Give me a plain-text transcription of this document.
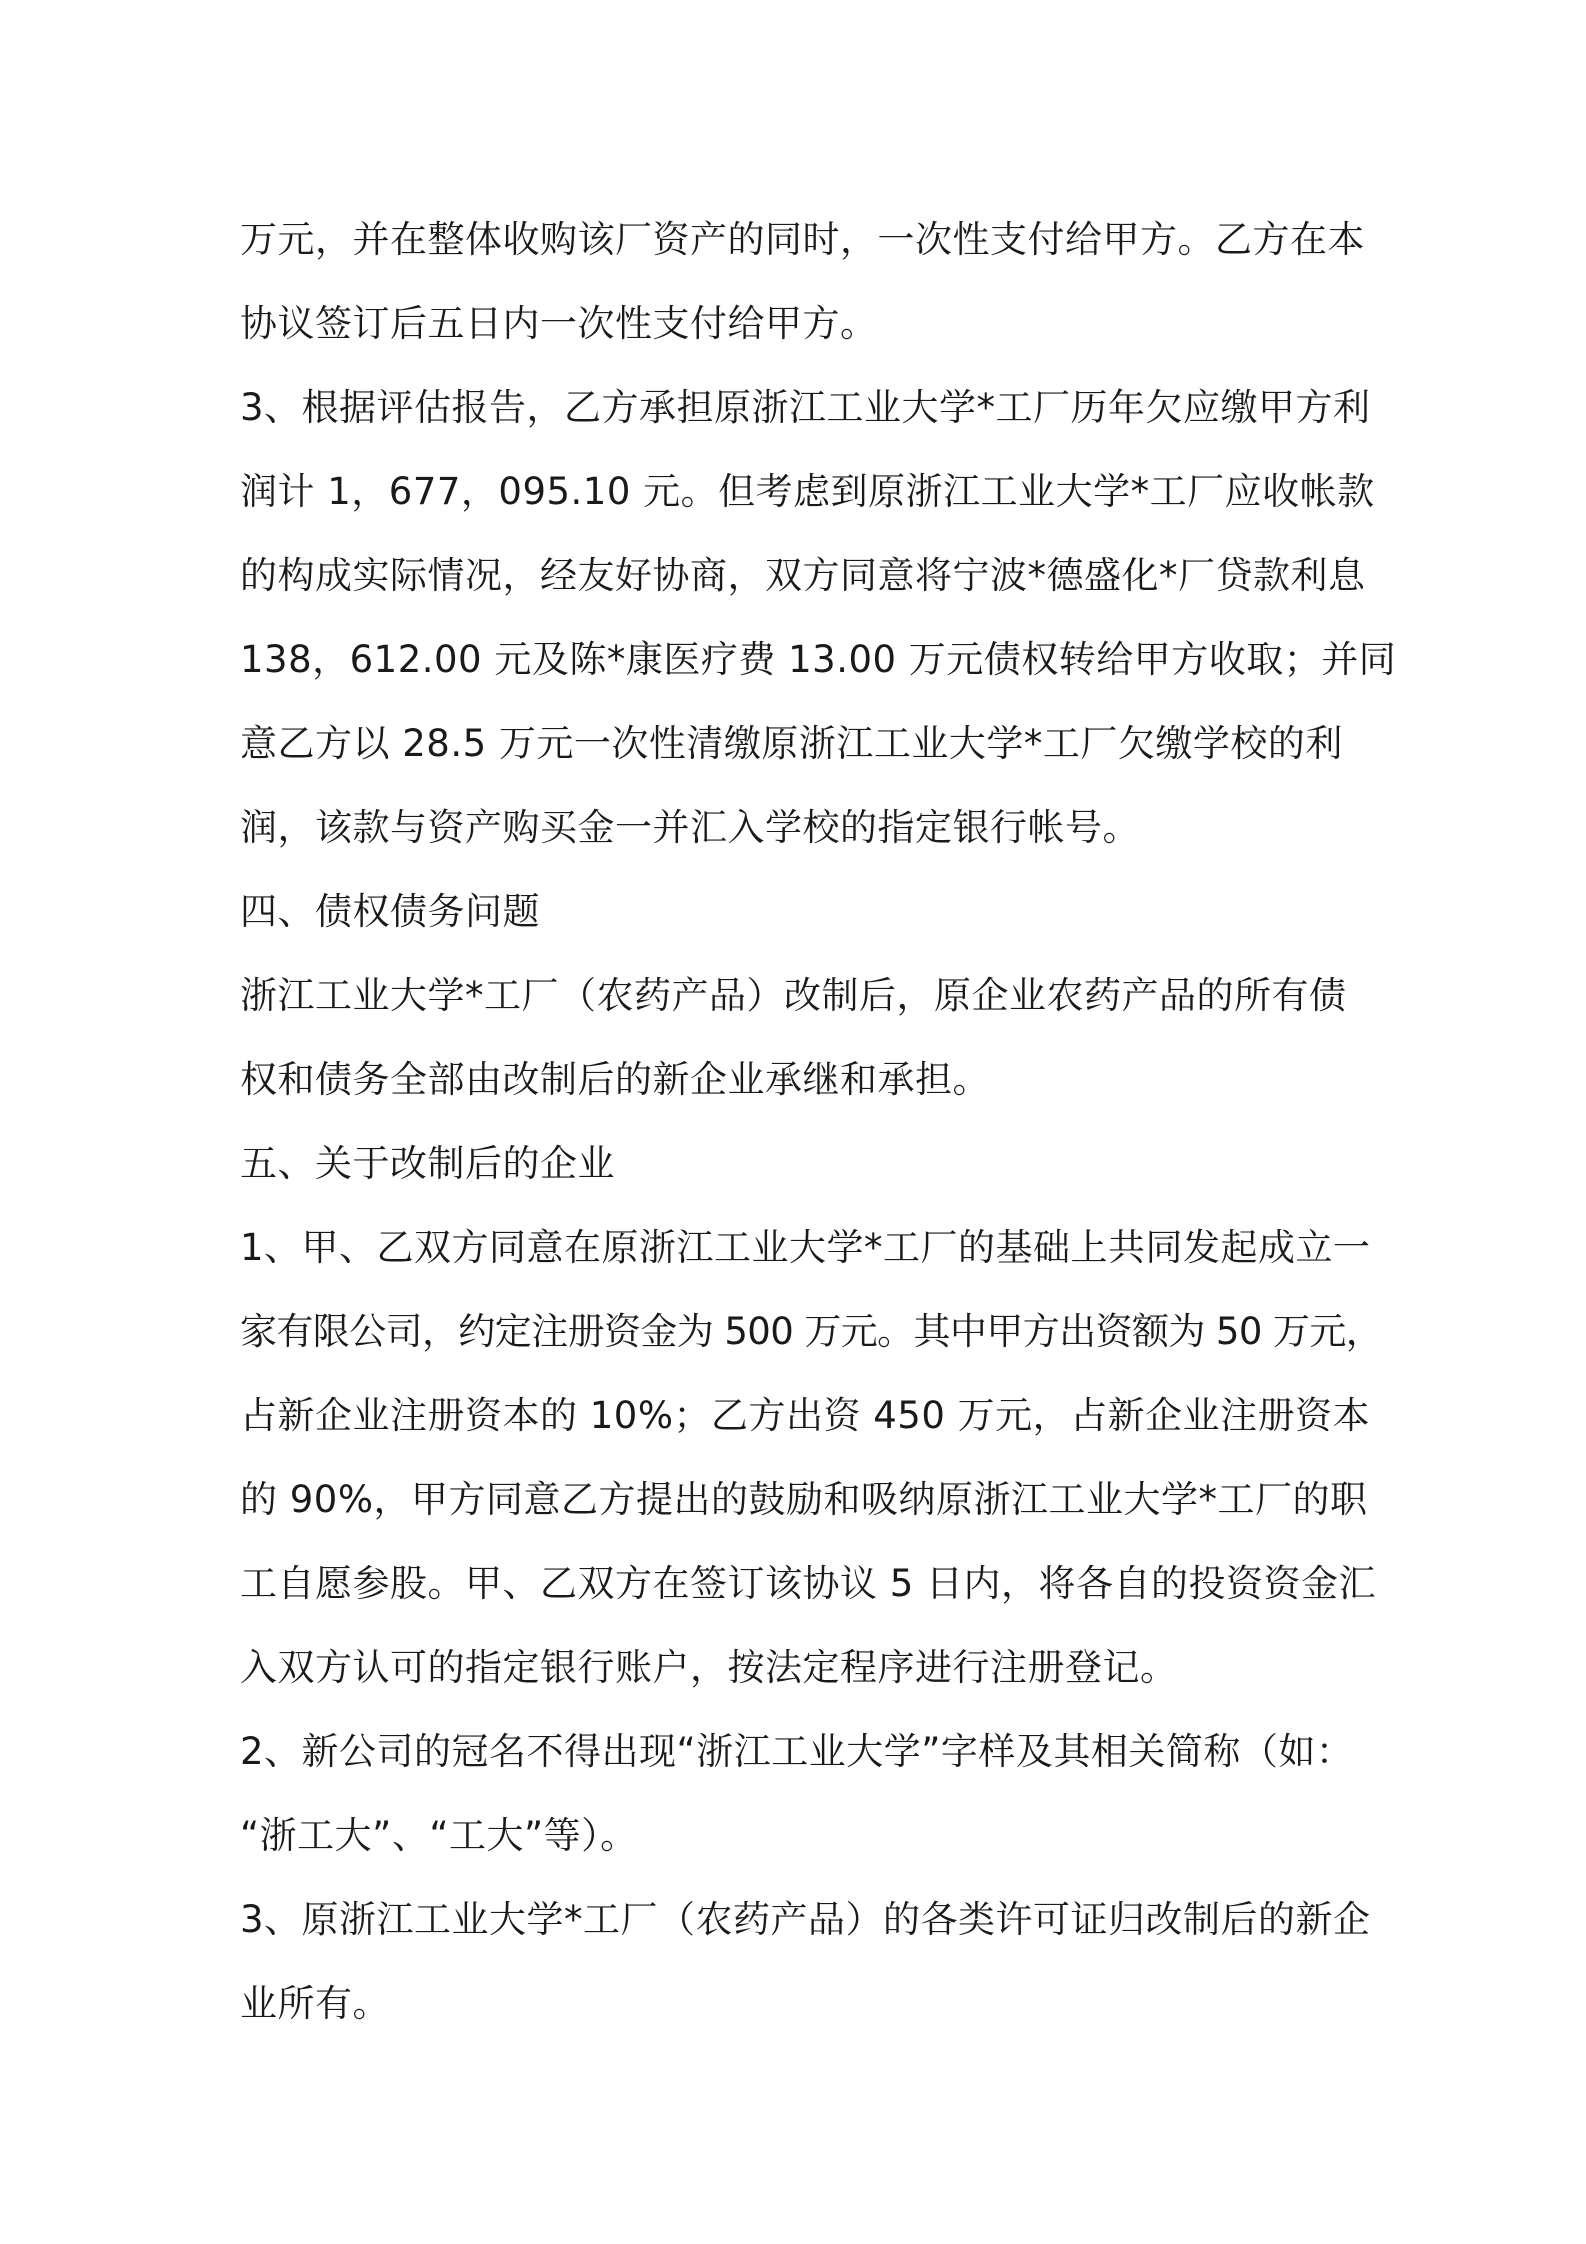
万元，并在整体收购该厂资产的同时，一次性支付给甲方。乙方在本
协议签订后五日内一次性支付给甲方。
3、根据评估报告，乙方承担原浙江工业大学*工厂历年欠应缴甲方利
润计 1，677，095.10 元。但考虑到原浙江工业大学*工厂应收帐款
的构成实际情况，经友好协商，双方同意将宁波*德盛化*厂贷款利息
138，612.00 元及陈*康医疗费 13.00 万元债权转给甲方收取；并同
意乙方以 28.5 万元一次性清缴原浙江工业大学*工厂欠缴学校的利
润，该款与资产购买金一并汇入学校的指定银行帐号。
四、债权债务问题
浙江工业大学*工厂（农药产品）改制后，原企业农药产品的所有债
权和债务全部由改制后的新企业承继和承担。
五、关于改制后的企业
1、甲、乙双方同意在原浙江工业大学*工厂的基础上共同发起成立一
家有限公司，约定注册资金为 500 万元。其中甲方出资额为 50 万元，
占新企业注册资本的 10%；乙方出资 450 万元，占新企业注册资本
的 90%，甲方同意乙方提出的鼓励和吸纳原浙江工业大学*工厂的职
工自愿参股。甲、乙双方在签订该协议 5 日内，将各自的投资资金汇
入双方认可的指定银行账户，按法定程序进行注册登记。
2、新公司的冠名不得出现“浙江工业大学”字样及其相关简称（如：
“浙工大”、“工大”等）。
3、原浙江工业大学*工厂（农药产品）的各类许可证归改制后的新企
业所有。
